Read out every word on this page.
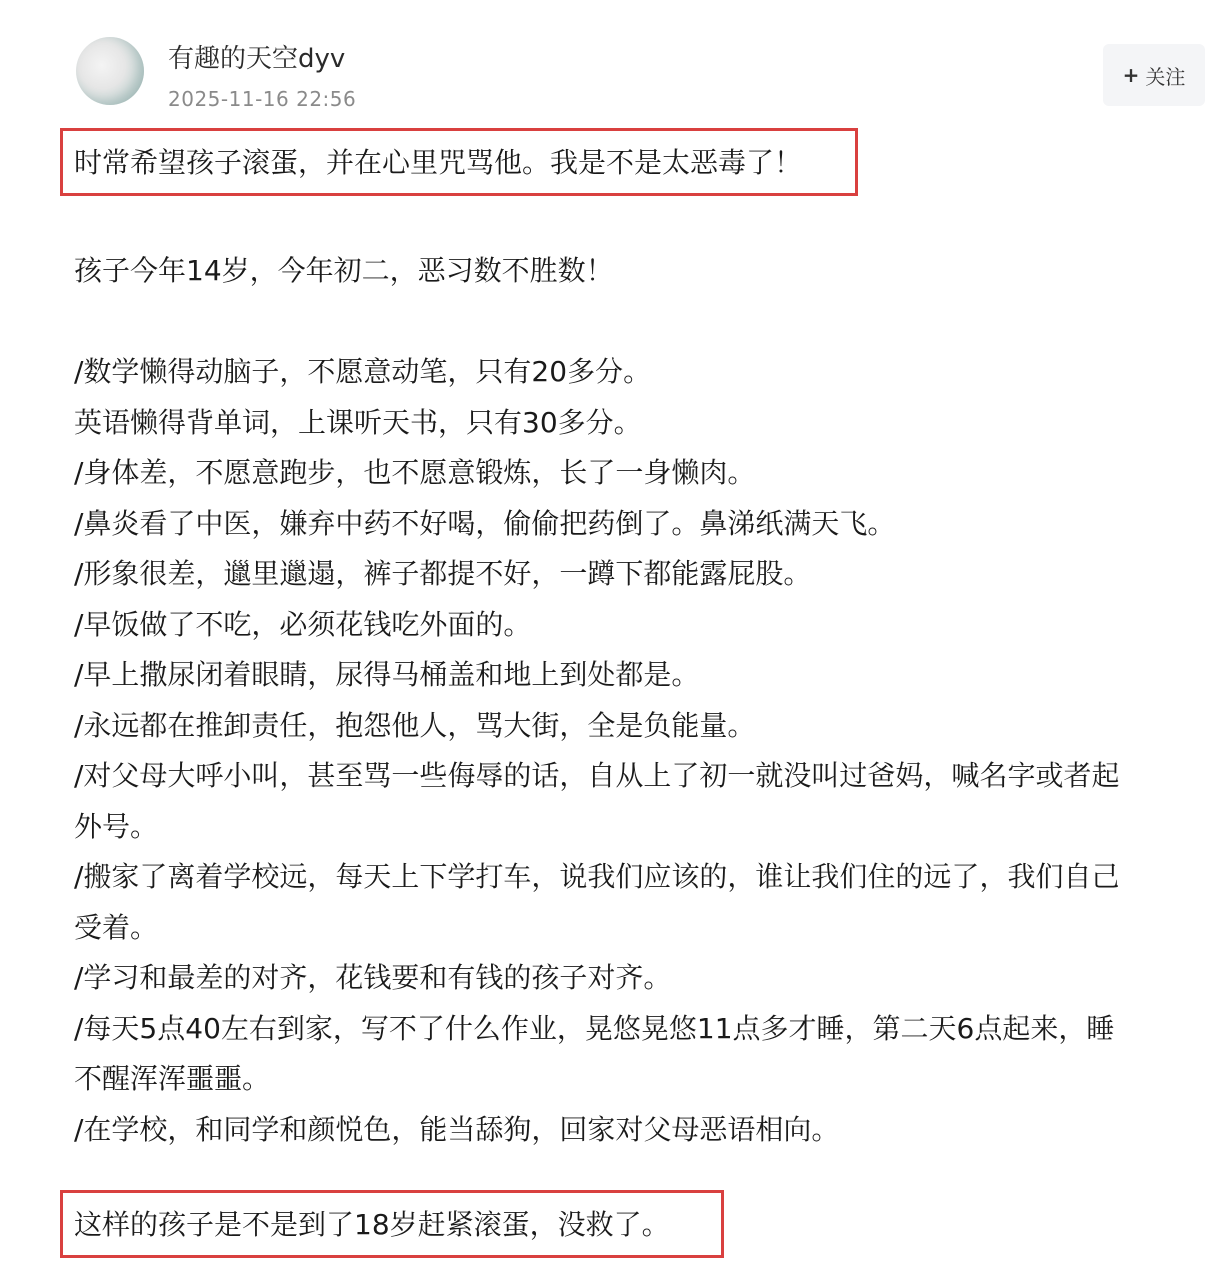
有趣的天空dyv
2025-11-16 22:56
+ 关注
时常希望孩子滚蛋，并在心里咒骂他。我是不是太恶毒了！
孩子今年14岁，今年初二，恶习数不胜数！
/数学懒得动脑子，不愿意动笔，只有20多分。
英语懒得背单词，上课听天书，只有30多分。
/身体差，不愿意跑步，也不愿意锻炼，长了一身懒肉。
/鼻炎看了中医，嫌弃中药不好喝，偷偷把药倒了。鼻涕纸满天飞。
/形象很差，邋里邋遢，裤子都提不好，一蹲下都能露屁股。
/早饭做了不吃，必须花钱吃外面的。
/早上撒尿闭着眼睛，尿得马桶盖和地上到处都是。
/永远都在推卸责任，抱怨他人，骂大街，全是负能量。
/对父母大呼小叫，甚至骂一些侮辱的话，自从上了初一就没叫过爸妈，喊名字或者起
外号。
/搬家了离着学校远，每天上下学打车，说我们应该的，谁让我们住的远了，我们自己
受着。
/学习和最差的对齐，花钱要和有钱的孩子对齐。
/每天5点40左右到家，写不了什么作业，晃悠晃悠11点多才睡，第二天6点起来，睡
不醒浑浑噩噩。
/在学校，和同学和颜悦色，能当舔狗，回家对父母恶语相向。
这样的孩子是不是到了18岁赶紧滚蛋，没救了。
